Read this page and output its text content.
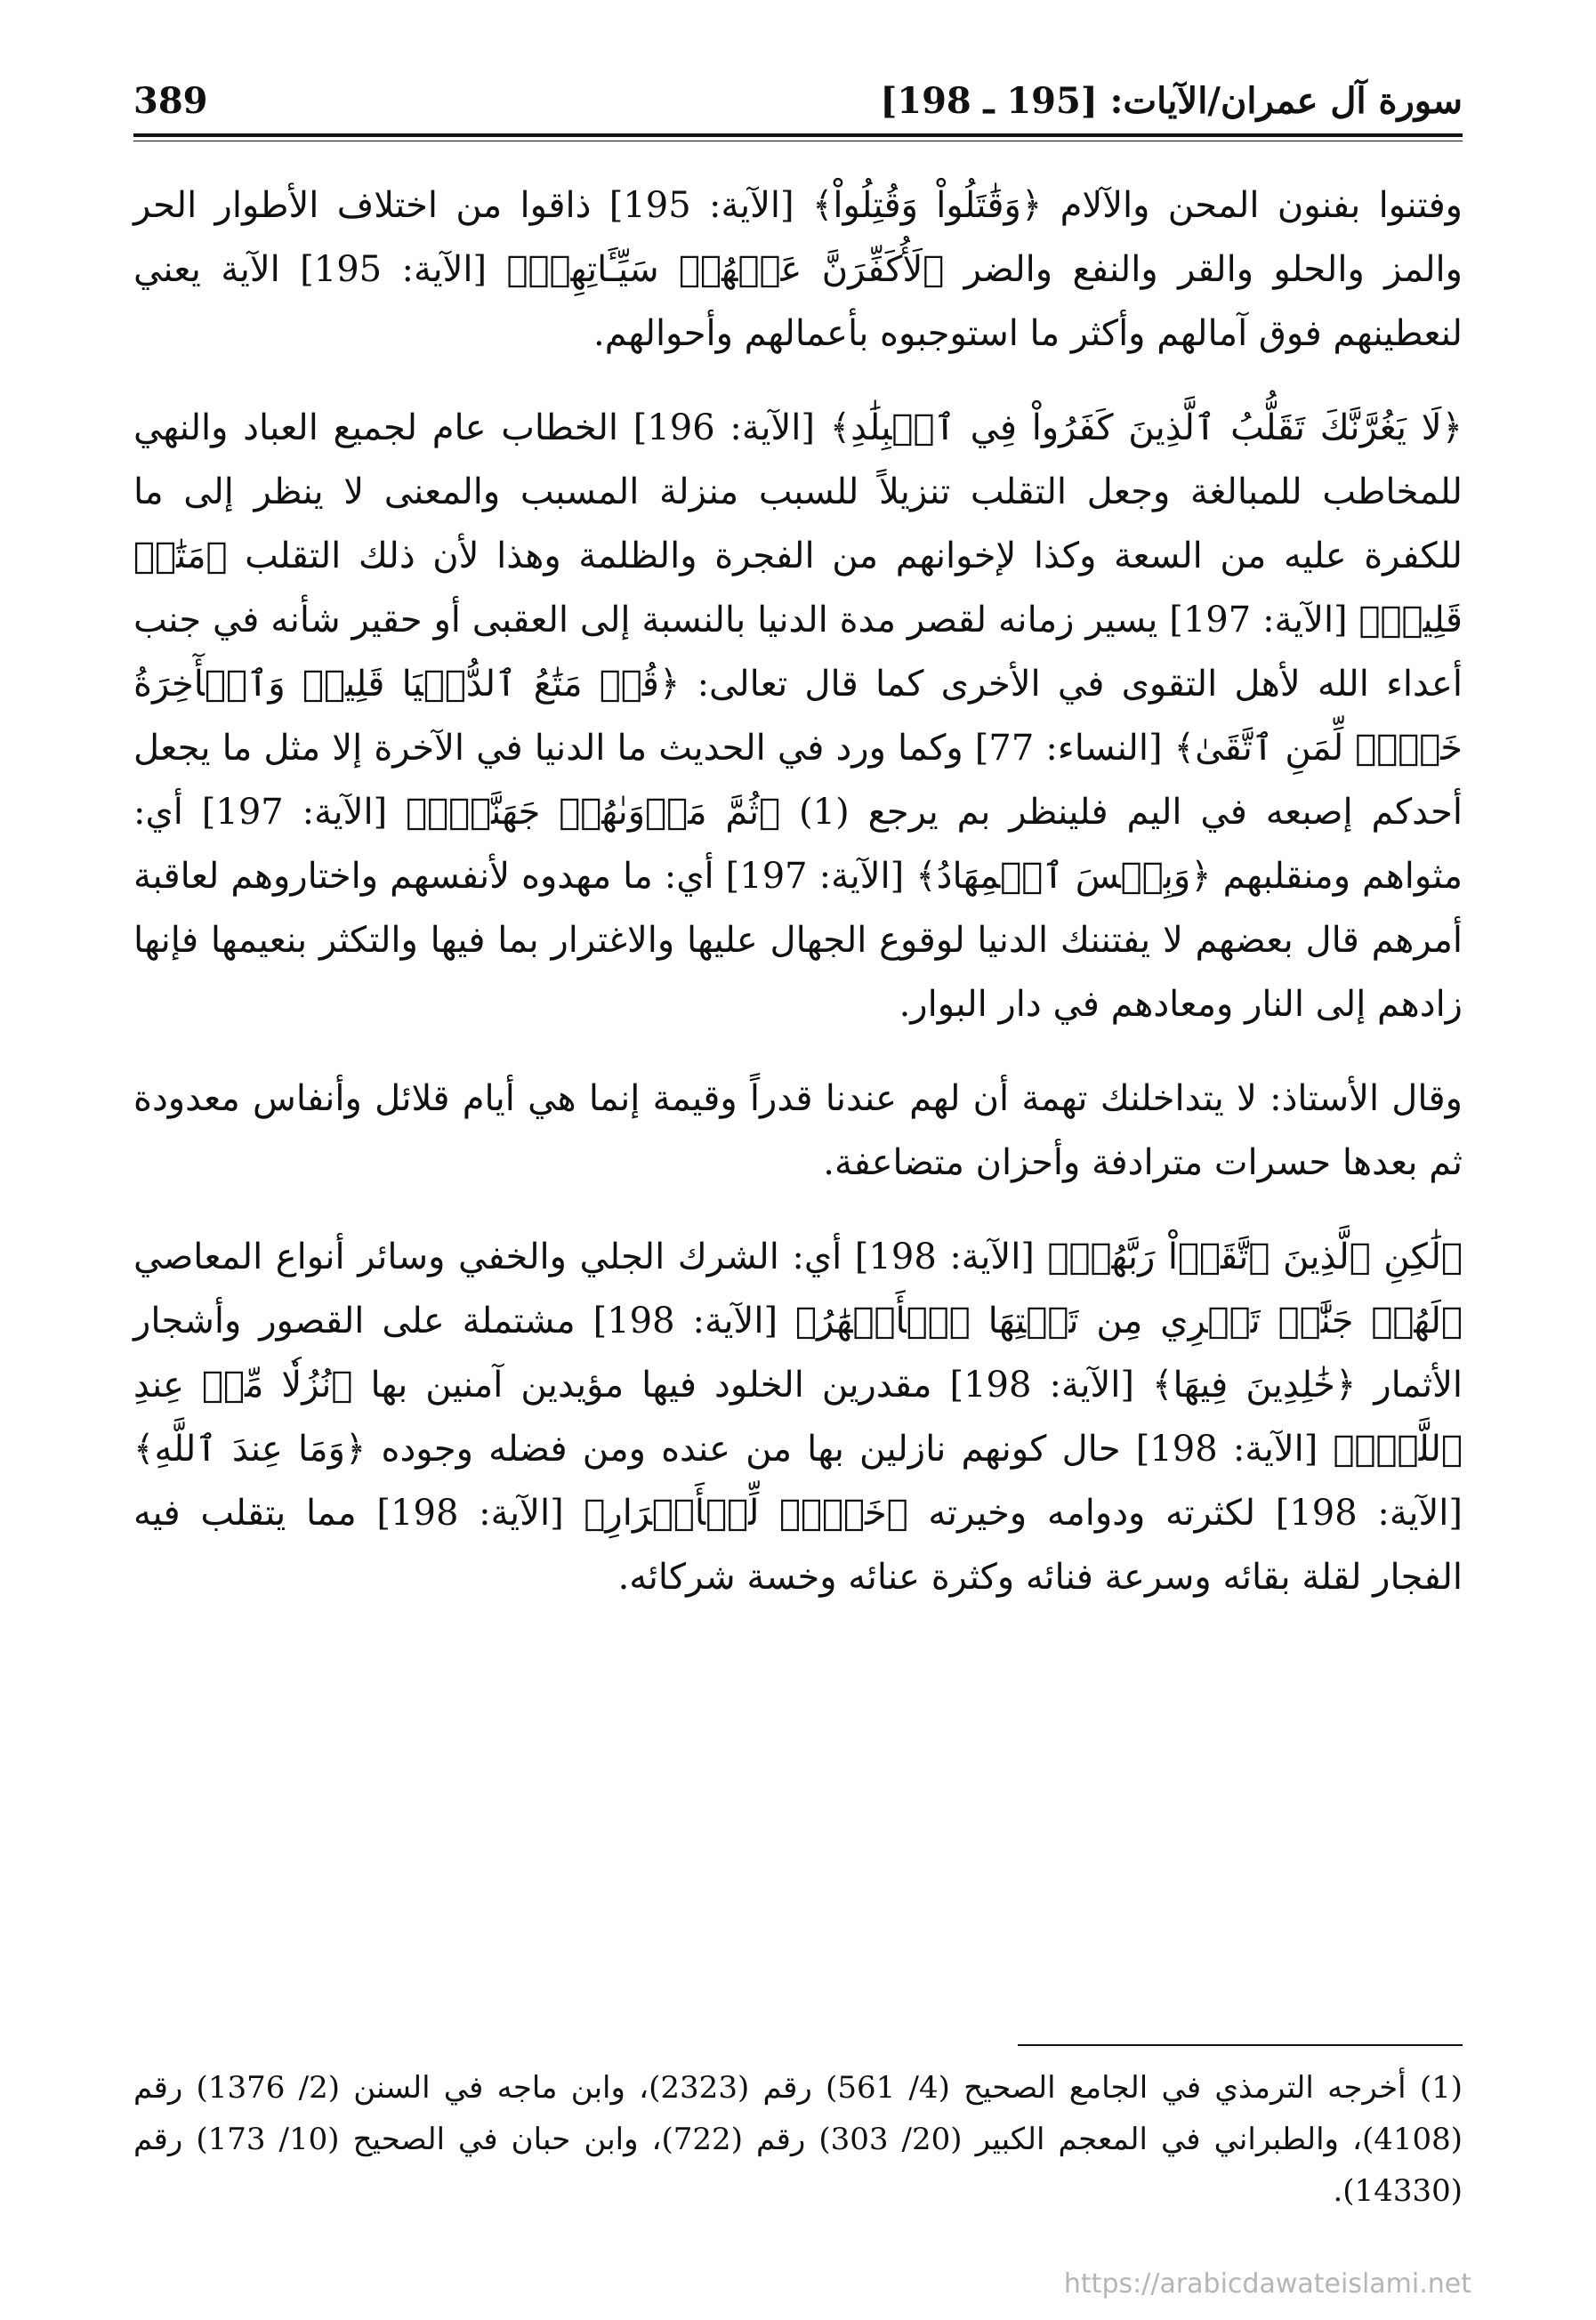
389	سورة آل عمران/الآيات: [195 ـ 198]

وفتنوا بفنون المحن والآلام ﴿وَقَٰتَلُواْ وَقُتِلُواْ﴾ [الآية: 195] ذاقوا من اختلاف الأطوار الحر والمز والحلو والقر والنفع والضر ﴿لَأُكَفِّرَنَّ عَنۡهُمۡ سَيِّـَٔاتِهِمۡ﴾ [الآية: 195] الآية يعني لنعطينهم فوق آمالهم وأكثر ما استوجبوه بأعمالهم وأحوالهم.

﴿لَا يَغُرَّنَّكَ تَقَلُّبُ ٱلَّذِينَ كَفَرُواْ فِي ٱلۡبِلَٰدِ﴾ [الآية: 196] الخطاب عام لجميع العباد والنهي للمخاطب للمبالغة وجعل التقلب تنزيلاً للسبب منزلة المسبب والمعنى لا ينظر إلى ما للكفرة عليه من السعة وكذا لإخوانهم من الفجرة والظلمة وهذا لأن ذلك التقلب ﴿مَتَٰعٞ قَلِيلٞ﴾ [الآية: 197] يسير زمانه لقصر مدة الدنيا بالنسبة إلى العقبى أو حقير شأنه في جنب أعداء الله لأهل التقوى في الأخرى كما قال تعالى: ﴿قُلۡ مَتَٰعُ ٱلدُّنۡيَا قَلِيلٞ وَٱلۡأٓخِرَةُ خَيۡرٞ لِّمَنِ ٱتَّقَىٰ﴾ [النساء: 77] وكما ورد في الحديث ما الدنيا في الآخرة إلا مثل ما يجعل أحدكم إصبعه في اليم فلينظر بم يرجع (1) ﴿ثُمَّ مَأۡوَىٰهُمۡ جَهَنَّمُۚ﴾ [الآية: 197] أي: مثواهم ومنقلبهم ﴿وَبِئۡسَ ٱلۡمِهَادُ﴾ [الآية: 197] أي: ما مهدوه لأنفسهم واختاروهم لعاقبة أمرهم قال بعضهم لا يفتننك الدنيا لوقوع الجهال عليها والاغترار بما فيها والتكثر بنعيمها فإنها زادهم إلى النار ومعادهم في دار البوار.

وقال الأستاذ: لا يتداخلنك تهمة أن لهم عندنا قدراً وقيمة إنما هي أيام قلائل وأنفاس معدودة ثم بعدها حسرات مترادفة وأحزان متضاعفة.

﴿لَٰكِنِ ٱلَّذِينَ ٱتَّقَوۡاْ رَبَّهُمۡ﴾ [الآية: 198] أي: الشرك الجلي والخفي وسائر أنواع المعاصي ﴿لَهُمۡ جَنَّٰتٞ تَجۡرِي مِن تَحۡتِهَا ٱلۡأَنۡهَٰرُ﴾ [الآية: 198] مشتملة على القصور وأشجار الأثمار ﴿خَٰلِدِينَ فِيهَا﴾ [الآية: 198] مقدرين الخلود فيها مؤيدين آمنين بها ﴿نُزُلٗا مِّنۡ عِندِ ٱللَّهِۗ﴾ [الآية: 198] حال كونهم نازلين بها من عنده ومن فضله وجوده ﴿وَمَا عِندَ ٱللَّهِ﴾ [الآية: 198] لكثرته ودوامه وخيرته ﴿خَيۡرٞ لِّلۡأَبۡرَارِ﴾ [الآية: 198] مما يتقلب فيه الفجار لقلة بقائه وسرعة فنائه وكثرة عنائه وخسة شركائه.

(1) أخرجه الترمذي في الجامع الصحيح (4/ 561) رقم (2323)، وابن ماجه في السنن (2/ 1376) رقم (4108)، والطبراني في المعجم الكبير (20/ 303) رقم (722)، وابن حبان في الصحيح (10/ 173) رقم (14330).
https://arabicdawateislami.net
